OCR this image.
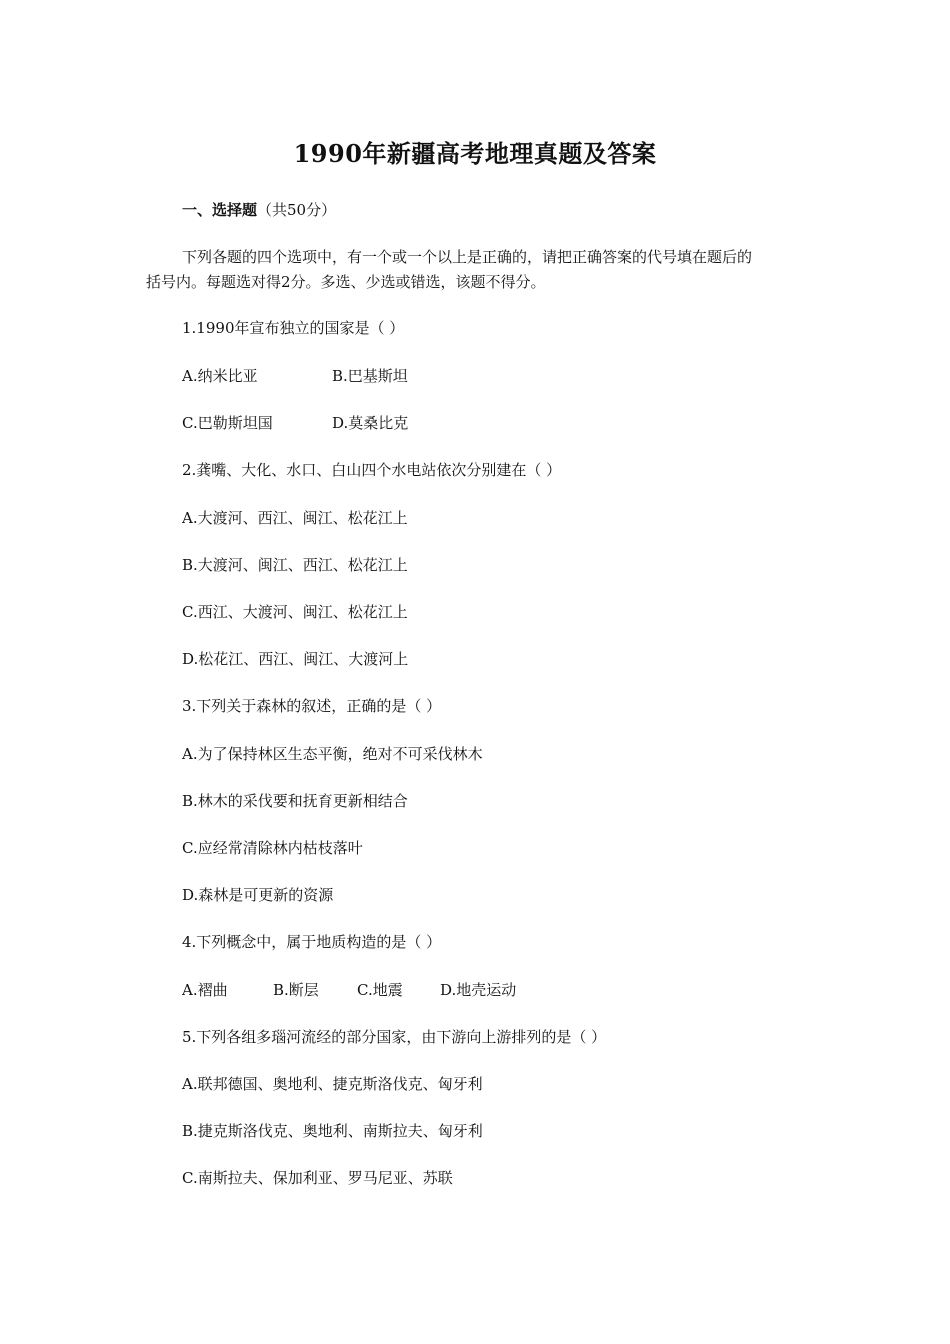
1990年新疆高考地理真题及答案
一、选择题（共50分）
下列各题的四个选项中，有一个或一个以上是正确的，请把正确答案的代号填在题后的
括号内。每题选对得2分。多选、少选或错选，该题不得分。
1.1990年宣布独立的国家是（ ）
A.纳米比亚	B.巴基斯坦
C.巴勒斯坦国	D.莫桑比克
2.龚嘴、大化、水口、白山四个水电站依次分别建在（ ）
A.大渡河、西江、闽江、松花江上
B.大渡河、闽江、西江、松花江上
C.西江、大渡河、闽江、松花江上
D.松花江、西江、闽江、大渡河上
3.下列关于森林的叙述，正确的是（ ）
A.为了保持林区生态平衡，绝对不可采伐林木
B.林木的采伐要和抚育更新相结合
C.应经常清除林内枯枝落叶
D.森林是可更新的资源
4.下列概念中，属于地质构造的是（ ）
A.褶曲	B.断层	C.地震 D.地壳运动
5.下列各组多瑙河流经的部分国家，由下游向上游排列的是（ ）
A.联邦德国、奥地利、捷克斯洛伐克、匈牙利
B.捷克斯洛伐克、奥地利、南斯拉夫、匈牙利
C.南斯拉夫、保加利亚、罗马尼亚、苏联
